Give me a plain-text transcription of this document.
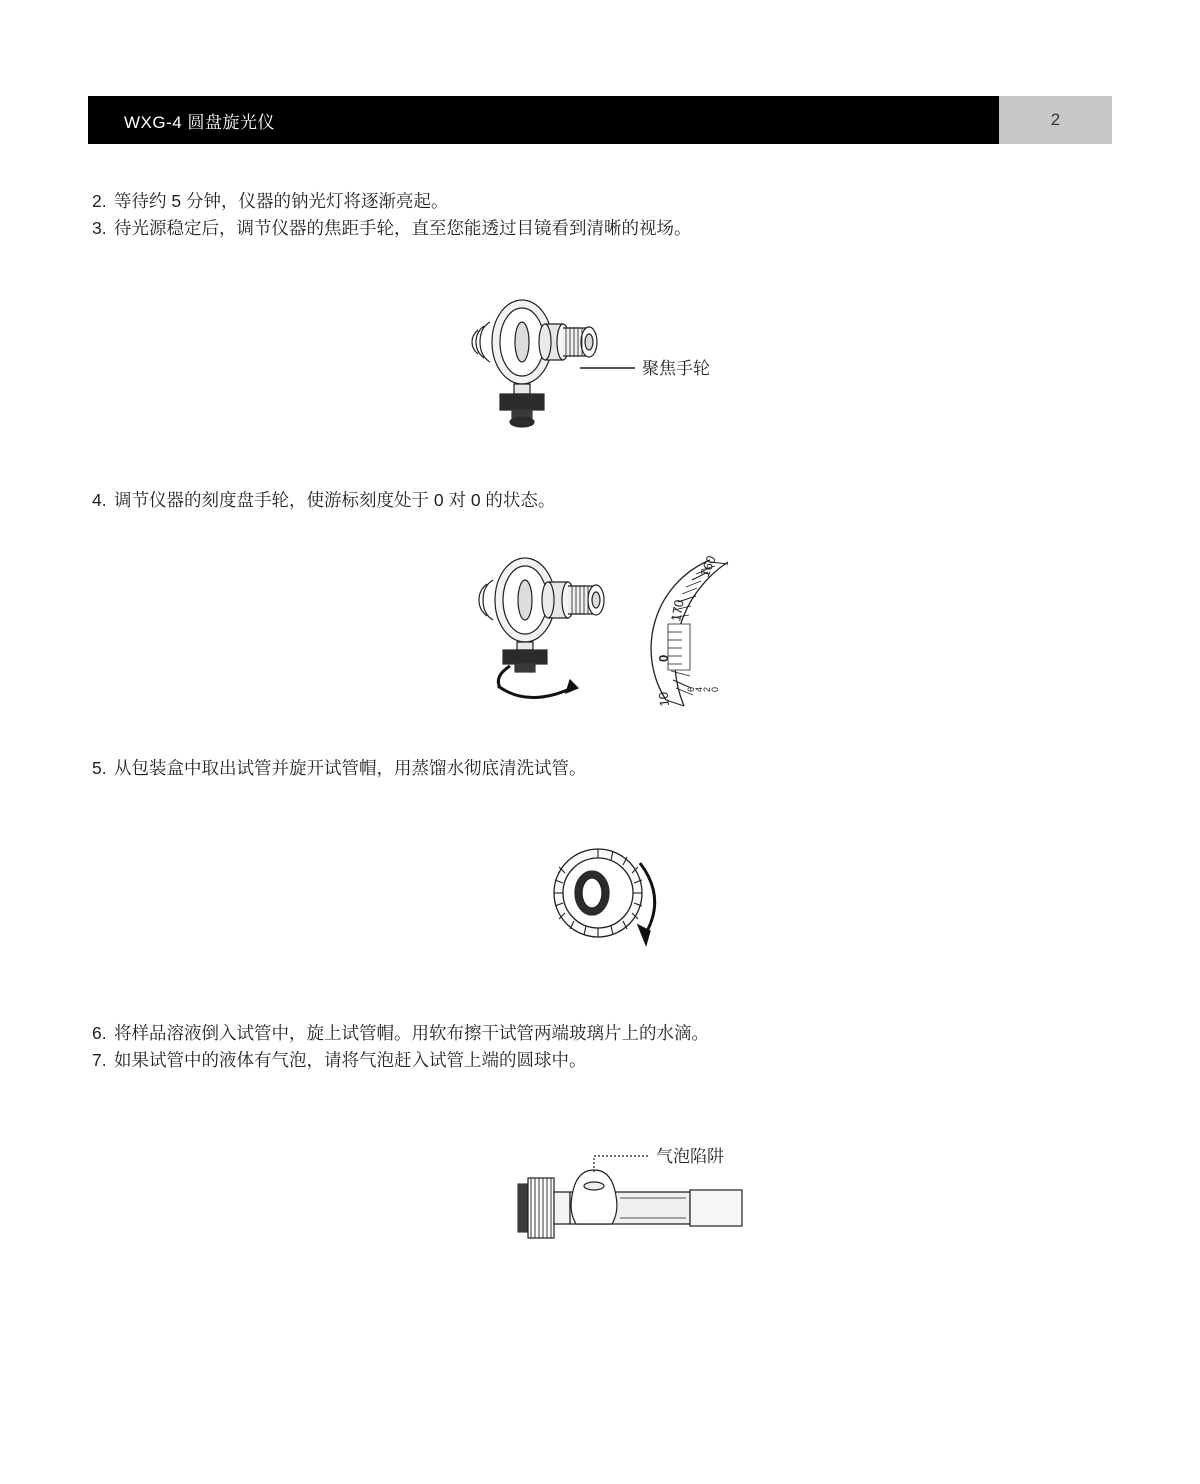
WXG-4 圆盘旋光仪	2
2. 等待约 5 分钟，仪器的钠光灯将逐渐亮起。
3. 待光源稳定后，调节仪器的焦距手轮，直至您能透过目镜看到清晰的视场。
聚焦手轮
4. 调节仪器的刻度盘手轮，使游标刻度处于 0 对 0 的状态。
160
170
0
10
6
4
2
0
5. 从包装盒中取出试管并旋开试管帽，用蒸馏水彻底清洗试管。
6. 将样品溶液倒入试管中，旋上试管帽。用软布擦干试管两端玻璃片上的水滴。
7. 如果试管中的液体有气泡，请将气泡赶入试管上端的圆球中。
气泡陷阱
